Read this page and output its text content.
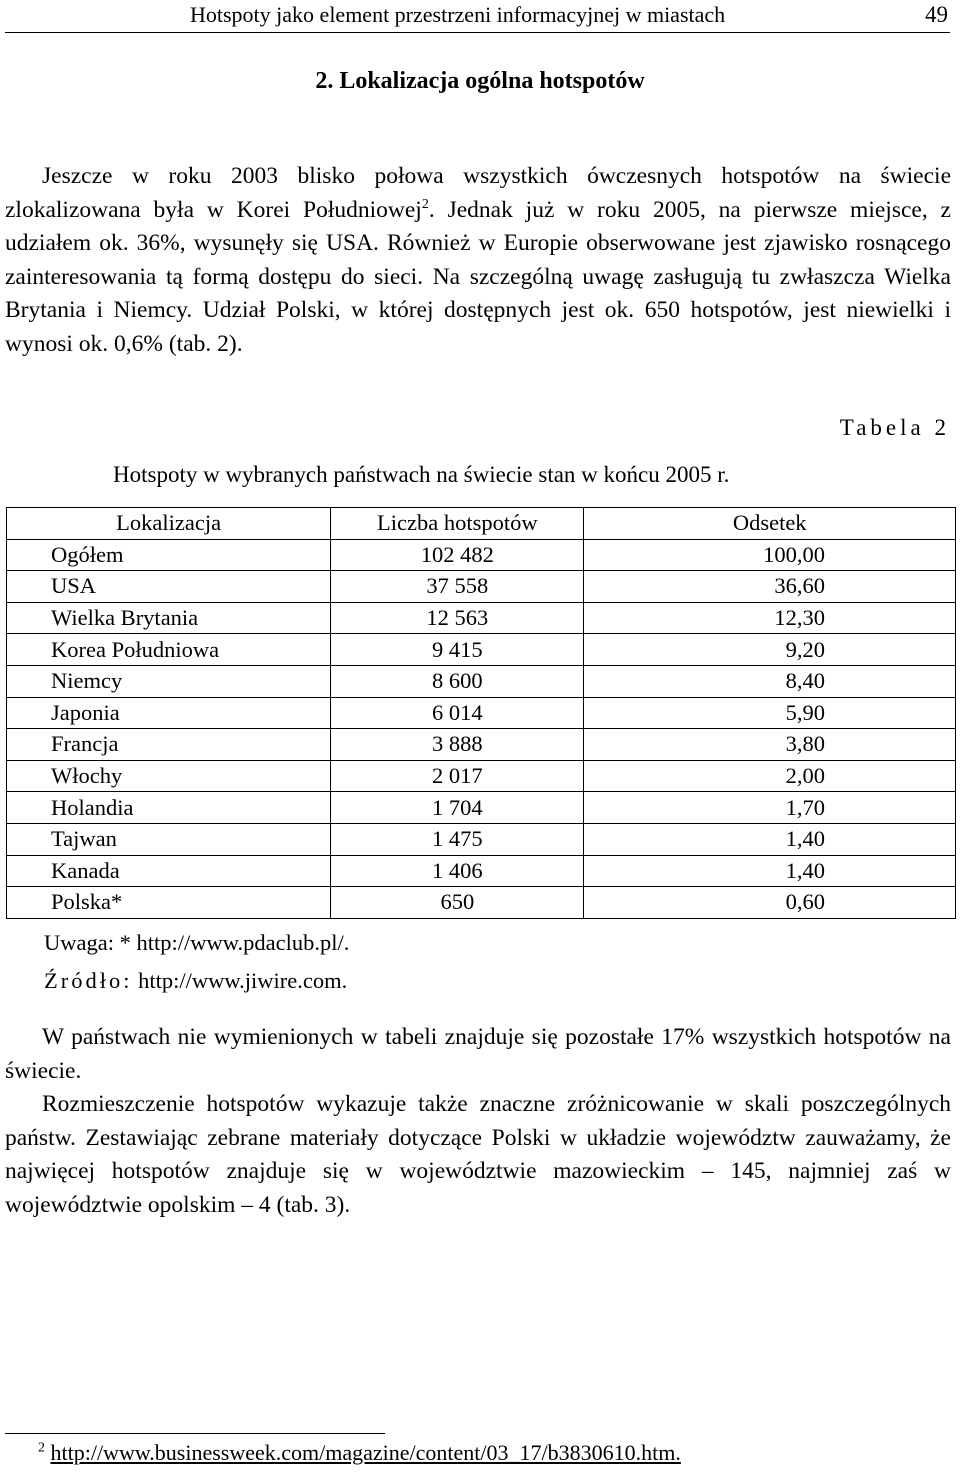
Hotspoty jako element przestrzeni informacyjnej w miastach	49
2. Lokalizacja ogólna hotspotów

Jeszcze w roku 2003 blisko połowa wszystkich ówczesnych hotspotów na świecie zlokalizowana była w Korei Południowej$^2$. Jednak już w roku 2005, na pierwsze miejsce, z udziałem ok. 36%, wysunęły się USA. Również w Europie obserwowane jest zjawisko rosnącego zainteresowania tą formą dostępu do sieci. Na szczególną uwagę zasługują tu zwłaszcza Wielka Brytania i Niemcy. Udział Polski, w której dostępnych jest ok. 650 hotspotów, jest niewielki i wynosi ok. 0,6% (tab. 2).

Tabela 2
Hotspoty w wybranych państwach na świecie stan w końcu 2005 r.
Lokalizacja	Liczba hotspotów	Odsetek
Ogółem	102 482	100,00
USA	37 558	36,60
Wielka Brytania	12 563	12,30
Korea Południowa	9 415	9,20
Niemcy	8 600	8,40
Japonia	6 014	5,90
Francja	3 888	3,80
Włochy	2 017	2,00
Holandia	1 704	1,70
Tajwan	1 475	1,40
Kanada	1 406	1,40
Polska*	650	0,60
Uwaga: * http://www.pdaclub.pl/.
Źródło: http://www.jiwire.com.

W państwach nie wymienionych w tabeli znajduje się pozostałe 17% wszystkich hotspotów na świecie.

Rozmieszczenie hotspotów wykazuje także znaczne zróżnicowanie w skali poszczególnych państw. Zestawiając zebrane materiały dotyczące Polski w układzie województw zauważamy, że najwięcej hotspotów znajduje się w województwie mazowieckim – 145, najmniej zaś w województwie opolskim – 4 (tab. 3).

$^2$ http://www.businessweek.com/magazine/content/03_17/b3830610.htm.
